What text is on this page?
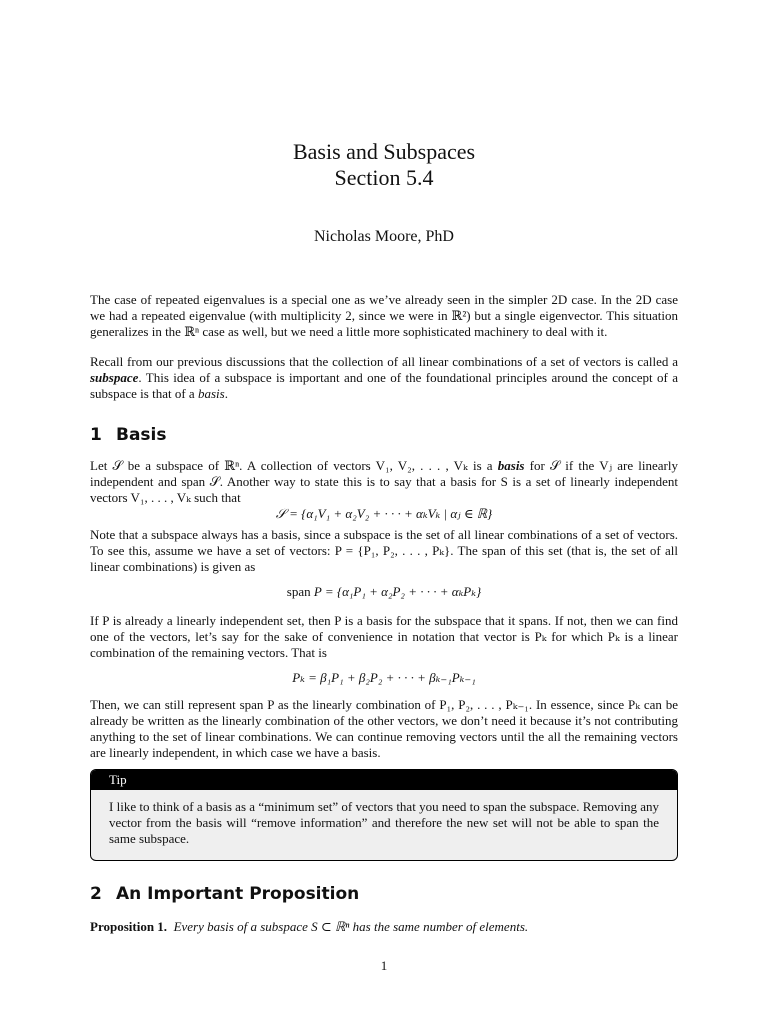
Basis and Subspaces
Section 5.4
Nicholas Moore, PhD
The case of repeated eigenvalues is a special one as we’ve already seen in the simpler 2D case. In the 2D case we had a repeated eigenvalue (with multiplicity 2, since we were in ℝ²) but a single eigenvector. This situation generalizes in the ℝⁿ case as well, but we need a little more sophisticated machinery to deal with it.
Recall from our previous discussions that the collection of all linear combinations of a set of vectors is called a subspace. This idea of a subspace is important and one of the foundational principles around the concept of a subspace is that of a basis.
1 Basis
Let 𝒮 be a subspace of ℝⁿ. A collection of vectors V₁, V₂, . . . , Vₖ is a basis for 𝒮 if the Vⱼ are linearly independent and span 𝒮. Another way to state this is to say that a basis for S is a set of linearly independent vectors V₁, . . . , Vₖ such that
𝒮 = {α₁V₁ + α₂V₂ + · · · + αₖVₖ | αⱼ ∈ ℝ}
Note that a subspace always has a basis, since a subspace is the set of all linear combinations of a set of vectors. To see this, assume we have a set of vectors: P = {P₁, P₂, . . . , Pₖ}. The span of this set (that is, the set of all linear combinations) is given as
span P = {α₁P₁ + α₂P₂ + · · · + αₖPₖ}
If P is already a linearly independent set, then P is a basis for the subspace that it spans. If not, then we can find one of the vectors, let’s say for the sake of convenience in notation that vector is Pₖ for which Pₖ is a linear combination of the remaining vectors. That is
Pₖ = β₁P₁ + β₂P₂ + · · · + βₖ₋₁Pₖ₋₁
Then, we can still represent span P as the linearly combination of P₁, P₂, . . . , Pₖ₋₁. In essence, since Pₖ can be already be written as the linearly combination of the other vectors, we don’t need it because it’s not contributing anything to the set of linear combinations. We can continue removing vectors until the all the remaining vectors are linearly independent, in which case we have a basis.
Tip
I like to think of a basis as a “minimum set” of vectors that you need to span the subspace. Removing any vector from the basis will “remove information” and therefore the new set will not be able to span the same subspace.
2 An Important Proposition
Proposition 1. Every basis of a subspace S ⊂ ℝⁿ has the same number of elements.
1
